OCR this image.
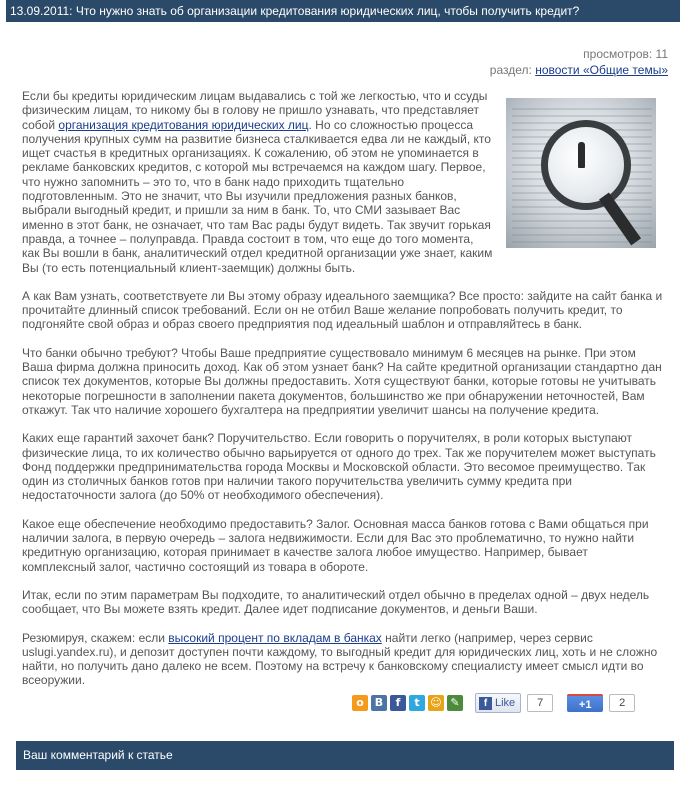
13.09.2011: Что нужно знать об организации кредитования юридических лиц, чтобы получить кредит?
просмотров: 11
раздел: новости «Общие темы»

Если бы кредиты юридическим лицам выдавались с той же легкостью, что и ссуды физическим лицам, то никому бы в голову не пришло узнавать, что представляет собой организация кредитования юридических лиц. Но со сложностью процесса получения крупных сумм на развитие бизнеса сталкивается едва ли не каждый, кто ищет счастья в кредитных организациях. К сожалению, об этом не упоминается в рекламе банковских кредитов, с которой мы встречаемся на каждом шагу. Первое, что нужно запомнить – это то, что в банк надо приходить тщательно подготовленным. Это не значит, что Вы изучили предложения разных банков, выбрали выгодный кредит, и пришли за ним в банк. То, что СМИ зазывает Вас именно в этот банк, не означает, что там Вас рады будут видеть. Так звучит горькая правда, а точнее – полуправда. Правда состоит в том, что еще до того момента, как Вы вошли в банк, аналитический отдел кредитной организации уже знает, каким Вы (то есть потенциальный клиент-заемщик) должны быть.

А как Вам узнать, соответствуете ли Вы этому образу идеального заемщика? Все просто: зайдите на сайт банка и прочитайте длинный список требований. Если он не отбил Ваше желание попробовать получить кредит, то подгоняйте свой образ и образ своего предприятия под идеальный шаблон и отправляйтесь в банк.

Что банки обычно требуют? Чтобы Ваше предприятие существовало минимум 6 месяцев на рынке. При этом Ваша фирма должна приносить доход. Как об этом узнает банк? На сайте кредитной организации стандартно дан список тех документов, которые Вы должны предоставить. Хотя существуют банки, которые готовы не учитывать некоторые погрешности в заполнении пакета документов, большинство же при обнаружении неточностей, Вам откажут. Так что наличие хорошего бухгалтера на предприятии увеличит шансы на получение кредита.

Каких еще гарантий захочет банк? Поручительство. Если говорить о поручителях, в роли которых выступают физические лица, то их количество обычно варьируется от одного до трех. Так же поручителем может выступать Фонд поддержки предпринимательства города Москвы и Московской области. Это весомое преимущество. Так один из столичных банков готов при наличии такого поручительства увеличить сумму кредита при недостаточности залога (до 50% от необходимого обеспечения).

Какое еще обеспечение необходимо предоставить? Залог. Основная масса банков готова с Вами общаться при наличии залога, в первую очередь – залога недвижимости. Если для Вас это проблематично, то нужно найти кредитную организацию, которая принимает в качестве залога любое имущество. Например, бывает комплексный залог, частично состоящий из товара в обороте.

Итак, если по этим параметрам Вы подходите, то аналитический отдел обычно в пределах одной – двух недель сообщает, что Вы можете взять кредит. Далее идет подписание документов, и деньги Ваши.

Резюмируя, скажем: если высокий процент по вкладам в банках найти легко (например, через сервис uslugi.yandex.ru), и депозит доступен почти каждому, то выгодный кредит для юридических лиц, хоть и не сложно найти, но получить дано далеко не всем. Поэтому на встречу к банковскому специалисту имеет смысл идти во всеоружии.

о	В	f	t ☺ ✎	f Like	7	+1	2
Ваш комментарий к статье
